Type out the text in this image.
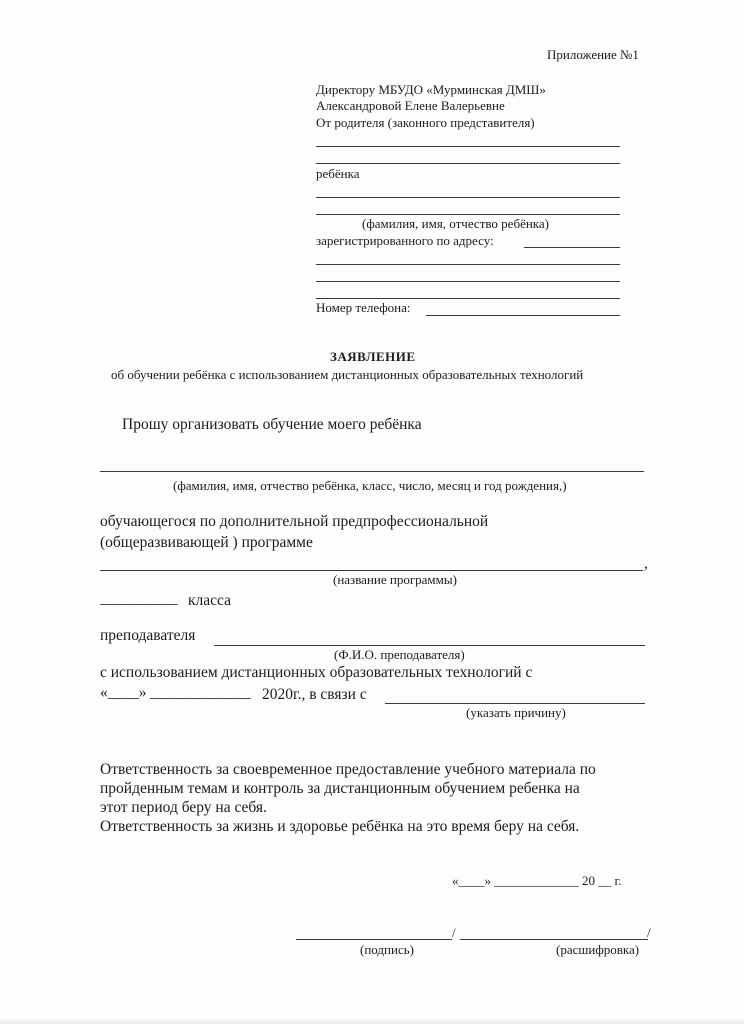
Приложение №1
Директору МБУДО «Мурминская ДМШ»
Александровой Елене Валерьевне
От родителя (законного представителя)
ребёнка
(фамилия, имя, отчество ребёнка)
зарегистрированного по адресу:
Номер телефона:
ЗАЯВЛЕНИЕ
об обучении ребёнка с использованием дистанционных образовательных технологий
Прошу организовать обучение моего ребёнка
(фамилия, имя, отчество ребёнка, класс, число, месяц и год рождения,)
обучающегося по дополнительной предпрофессиональной
(общеразвивающей ) программе
,
(название программы)
__________ класса
преподавателя
(Ф.И.О. преподавателя)
с использованием дистанционных образовательных технологий с
«____» _____________ 2020г., в связи с
(указать причину)
Ответственность за своевременное предоставление учебного материала по
пройденным темам и контроль за дистанционным обучением ребенка на
этот период беру на себя.
Ответственность за жизнь и здоровье ребёнка на это время беру на себя.
«____» _____________ 20 __ г.
/	/
(подпись)	(расшифровка)
